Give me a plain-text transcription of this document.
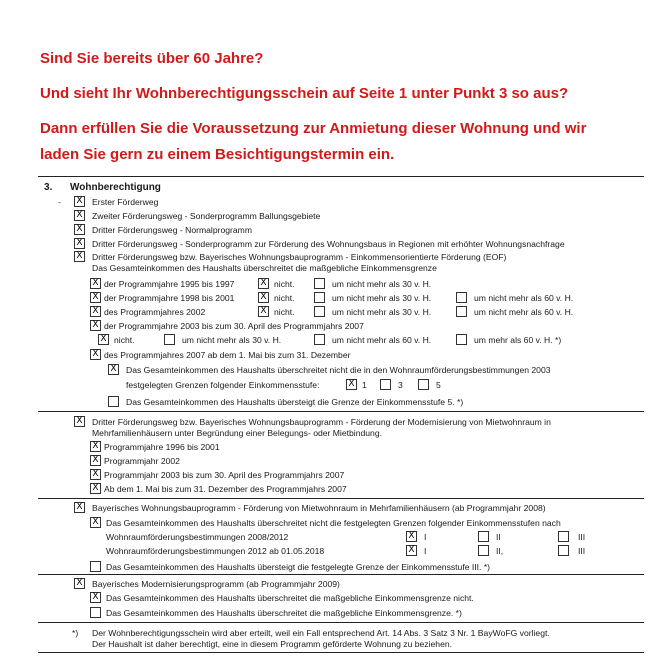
Sind Sie bereits über 60 Jahre?
Und sieht Ihr Wohnberechtigungsschein auf Seite 1 unter Punkt 3 so aus?
Dann erfüllen Sie die Voraussetzung zur Anmietung dieser Wohnung und wir
laden Sie gern zu einem Besichtigungstermin ein.
3. Wohnberechtigung
- X Erster Förderweg
X Zweiter Förderungsweg - Sonderprogramm Ballungsgebiete
X Dritter Förderungsweg - Normalprogramm
X Dritter Förderungsweg - Sonderprogramm zur Förderung des Wohnungsbaus in Regionen mit erhöhter Wohnungsnachfrage
X Dritter Förderungsweg bzw. Bayerisches Wohnungsbauprogramm - Einkommensorientierte Förderung (EOF)
Das Gesamteinkommen des Haushalts überschreitet die maßgebliche Einkommensgrenze
X der Programmjahre 1995 bis 1997	X nicht.	um nicht mehr als 30 v. H.
X der Programmjahre 1998 bis 2001	X nicht.	um nicht mehr als 30 v. H.	um nicht mehr als 60 v. H.
X des Programmjahres 2002	X nicht.	um nicht mehr als 30 v. H.	um nicht mehr als 60 v. H.
X der Programmjahre 2003 bis zum 30. April des Programmjahrs 2007
X nicht.	um nicht mehr als 30 v. H.	um nicht mehr als 60 v. H.	um mehr als 60 v. H. *)
X des Programmjahres 2007 ab dem 1. Mai bis zum 31. Dezember
X Das Gesamteinkommen des Haushalts überschreitet nicht die in den Wohnraumförderungsbestimmungen 2003
festgelegten Grenzen folgender Einkommensstufe:	X 1	3	5
Das Gesamteinkommen des Haushalts übersteigt die Grenze der Einkommensstufe 5. *)
X Dritter Förderungsweg bzw. Bayerisches Wohnungsbauprogramm - Förderung der Modernisierung von Mietwohnraum in
Mehrfamilienhäusern unter Begründung einer Belegungs- oder Mietbindung.
X Programmjahre 1996 bis 2001
X Programmjahr 2002
X Programmjahr 2003 bis zum 30. April des Programmjahrs 2007
X Ab dem 1. Mai bis zum 31. Dezember des Programmjahrs 2007
X Bayerisches Wohnungsbauprogramm - Förderung von Mietwohnraum in Mehrfamilienhäusern (ab Programmjahr 2008)
X Das Gesamteinkommen des Haushalts überschreitet nicht die festgelegten Grenzen folgender Einkommensstufen nach
Wohnraumförderungsbestimmungen 2008/2012	X I	II	III
Wohnraumförderungsbestimmungen 2012 ab 01.05.2018	X I	II,	III
Das Gesamteinkommen des Haushalts übersteigt die festgelegte Grenze der Einkommensstufe III. *)
X Bayerisches Modernisierungsprogramm (ab Programmjahr 2009)
X Das Gesamteinkommen des Haushalts überschreitet die maßgebliche Einkommensgrenze nicht.
Das Gesamteinkommen des Haushalts überschreitet die maßgebliche Einkommensgrenze. *)
*) Der Wohnberechtigungsschein wird aber erteilt, weil ein Fall entsprechend Art. 14 Abs. 3 Satz 3 Nr. 1 BayWoFG vorliegt.
Der Haushalt ist daher berechtigt, eine in diesem Programm geförderte Wohnung zu beziehen.
